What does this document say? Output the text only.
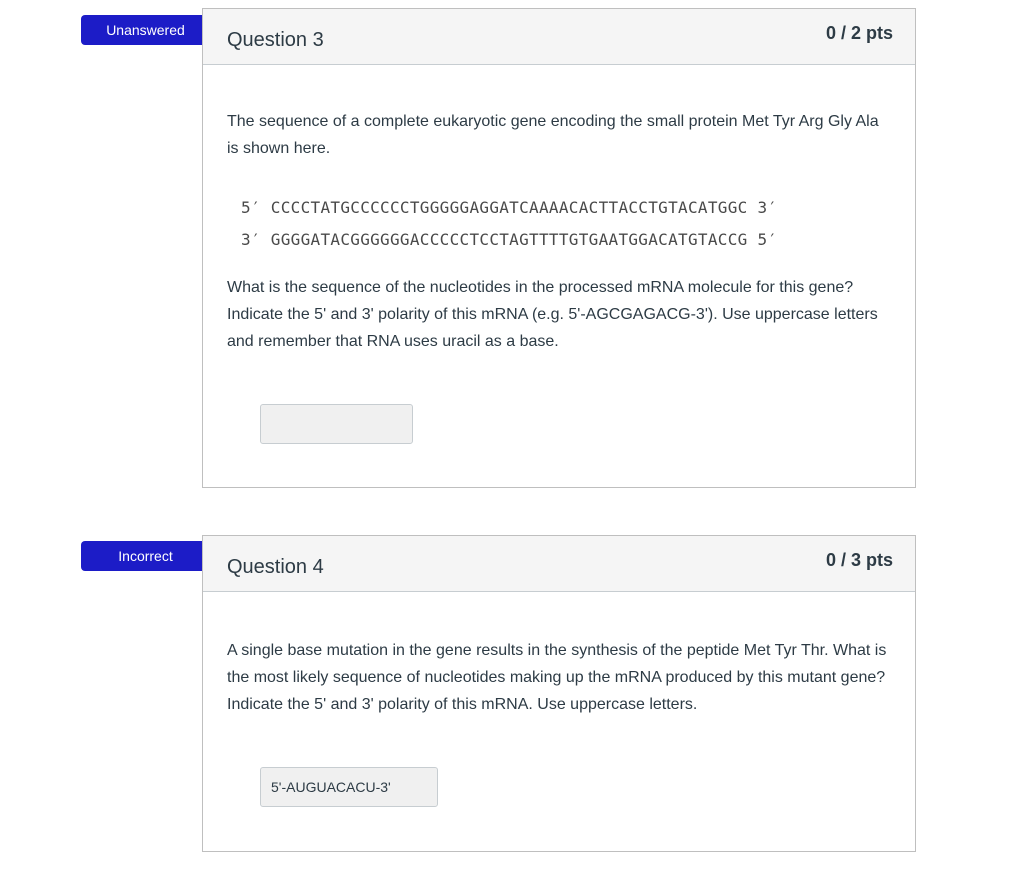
Unanswered	Question 3	0 / 2 pts

The sequence of a complete eukaryotic gene encoding the small protein Met Tyr Arg Gly Ala is shown here.

5′ CCCCTATGCCCCCCTGGGGGAGGATCAAAACACTTACCTGTACATGGC 3′
3′ GGGGATACGGGGGGACCCCCTCCTAGTTTTGTGAATGGACATGTACCG 5′

What is the sequence of the nucleotides in the processed mRNA molecule for this gene? Indicate the 5' and 3' polarity of this mRNA (e.g. 5'-AGCGAGACG-3'). Use uppercase letters and remember that RNA uses uracil as a base.

Incorrect	Question 4	0 / 3 pts

A single base mutation in the gene results in the synthesis of the peptide Met Tyr Thr. What is the most likely sequence of nucleotides making up the mRNA produced by this mutant gene? Indicate the 5' and 3' polarity of this mRNA. Use uppercase letters.

5'-AUGUACACU-3'
